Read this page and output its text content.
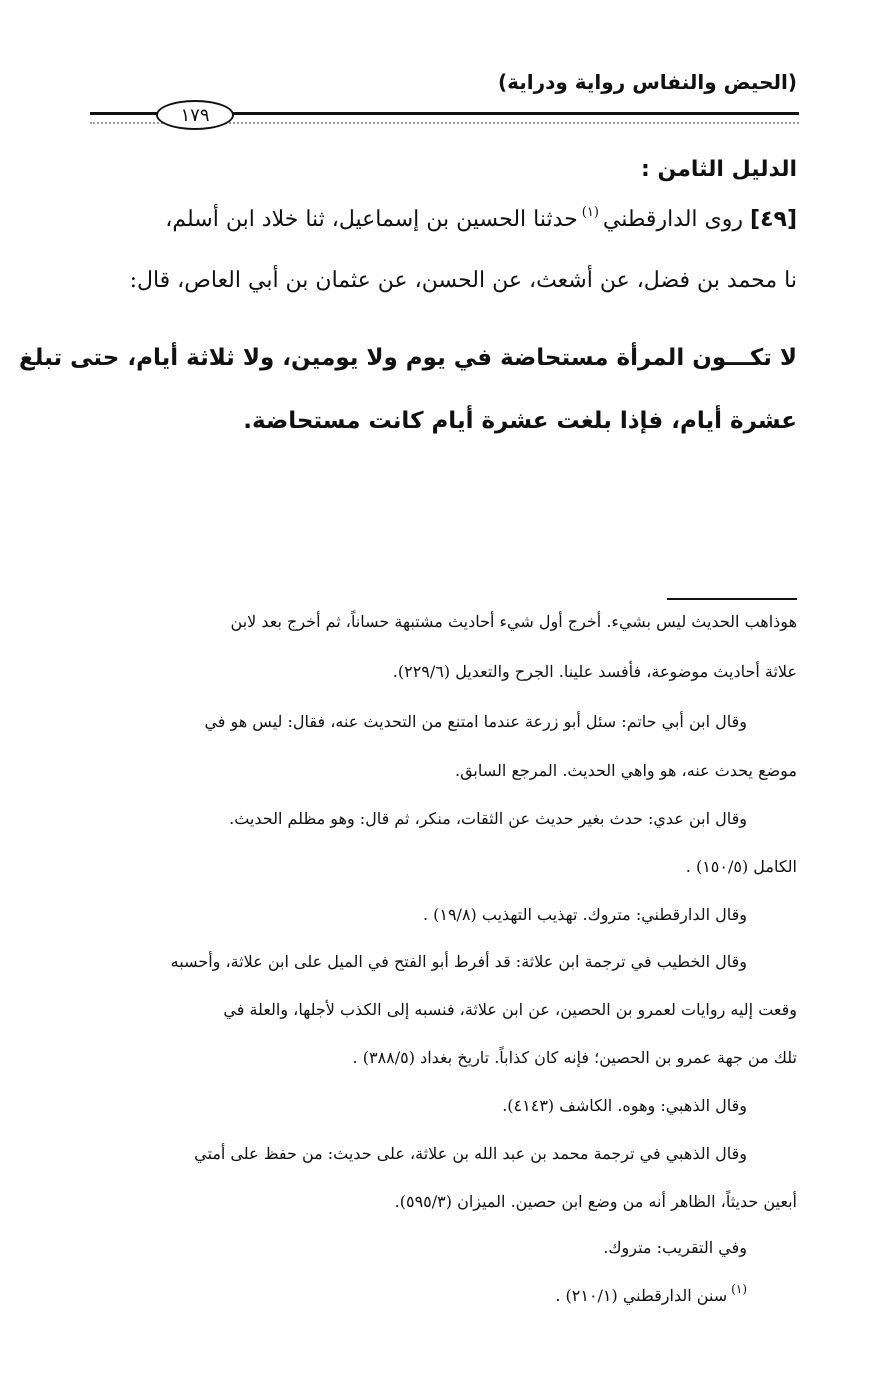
(الحيض والنفاس رواية ودراية)
١٧٩
الدليل الثامن :
[٤٩] روى الدارقطني$^{(١)}$حدثنا الحسين بن إسماعيل، ثنا خلاد ابن أسلم،
نا محمد بن فضل، عن أشعث، عن الحسن، عن عثمان بن أبي العاص، قال:
لا تكـــون المرأة مستحاضة في يوم ولا يومين، ولا ثلاثة أيام، حتى تبلغ
عشرة أيام، فإذا بلغت عشرة أيام كانت مستحاضة.
هوذاهب الحديث ليس بشيء. أخرج أول شيء أحاديث مشتبهة حساناً، ثم أخرج بعد لابن
علاثة أحاديث موضوعة، فأفسد علينا. الجرح والتعديل (٢٢٩/٦).
وقال ابن أبي حاتم: سئل أبو زرعة عندما امتنع من التحديث عنه، فقال: ليس هو في
موضع يحدث عنه، هو واهي الحديث. المرجع السابق.
وقال ابن عدي: حدث بغير حديث عن الثقات، منكر، ثم قال: وهو مظلم الحديث.
الكامل (١٥٠/٥) .
وقال الدارقطني: متروك. تهذيب التهذيب (١٩/٨) .
وقال الخطيب في ترجمة ابن علاثة: قد أفرط أبو الفتح في الميل على ابن علاثة، وأحسبه
وقعت إليه روايات لعمرو بن الحصين، عن ابن علاثة، فنسبه إلى الكذب لأجلها، والعلة في
تلك من جهة عمرو بن الحصين؛ فإنه كان كذاباً. تاريخ بغداد (٣٨٨/٥) .
وقال الذهبي: وهوه. الكاشف (٤١٤٣).
وقال الذهبي في ترجمة محمد بن عبد الله بن علاثة، على حديث: من حفظ على أمتي
أبعين حديثاً، الظاهر أنه من وضع ابن حصين. الميزان (٥٩٥/٣).
وفي التقريب: متروك.
$^{(١)}$سنن الدارقطني (٢١٠/١) .
